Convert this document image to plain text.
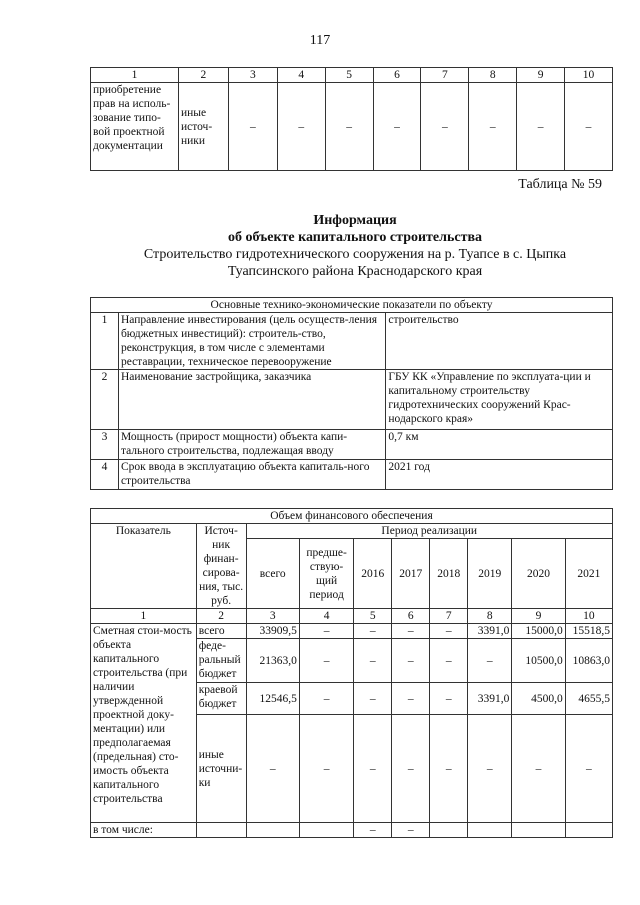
117
1	2	3	4	5	6	7	8	9	10
приобретение прав на исполь-зование типо-вой проектной документации	иные источ-ники	–	–	–	–	–	–	–	–
Таблица № 59
Информация
об объекте капитального строительства
Строительство гидротехнического сооружения на р. Туапсе в с. Цыпка
Туапсинского района Краснодарского края
Основные технико-экономические показатели по объекту		
1	Направление инвестирования (цель осуществ-ления бюджетных инвестиций): строитель-ство, реконструкция, в том числе с элементами реставрации, техническое перевооружение	строительство
2	Наименование застройщика, заказчика	ГБУ КК «Управление по эксплуата-ции и капитальному строительству гидротехнических сооружений Крас-нодарского края»
3	Мощность (прирост мощности) объекта капи-тального строительства, подлежащая вводу	0,7 км
4	Срок ввода в эксплуатацию объекта капиталь-ного строительства	2021 год
Объем финансового обеспечения									
Показатель	Источ-ник финан-сирова-ния, тыс. руб.	Период реализации							
		всего	предше-ствую-щий период	2016	2017	2018	2019	2020	2021
1	2	3	4	5	6	7	8	9	10
Сметная стои-мость объекта капитального строительства (при наличии утвержденной проектной доку-ментации) или предполагаемая (предельная) сто-имость объекта капитального строительства	всего	33909,5	–	–	–	–	3391,0	15000,0	15518,5
	феде-ральный бюджет	21363,0	–	–	–	–	–	10500,0	10863,0
	краевой бюджет	12546,5	–	–	–	–	3391,0	4500,0	4655,5
	иные источни-ки	–	–	–	–	–	–	–	–
в том числе:				–	–				
